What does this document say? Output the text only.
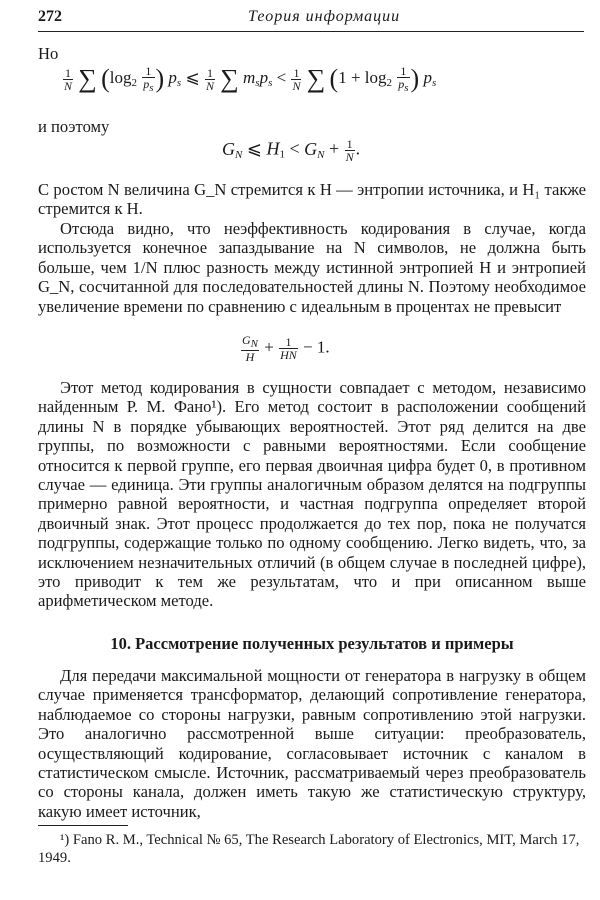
272	Теория информации
Но
$\frac{1}{N}$ ∑ ($\log_2 \frac{1}{ps}$ ) $p_s$ ⩽ $\frac{1}{N}$ ∑ $m_sp_s < \frac{1}{N}$ ∑ ($1 + \log_2 \frac{1}{ps}$ ) $p_s$
и поэтому
$G_N$ ⩽ $H_1 < G_N + \frac{1}{N}$ .

С ростом N величина G_N стремится к H — энтропии источника, и H₁ также стремится к H.

Отсюда видно, что неэффективность кодирования в случае, когда используется конечное запаздывание на N символов, не должна быть больше, чем 1/N плюс разность между истинной энтропией H и энтропией G_N, сосчитанной для последовательностей длины N. Поэтому необходимое увеличение времени по сравнению с идеальным в процентах не превысит

$\frac{GN}{H} + \frac{1}{HN} - 1$.

Этот метод кодирования в сущности совпадает с методом, независимо найденным Р. М. Фано¹). Его метод состоит в расположении сообщений длины N в порядке убывающих вероятностей. Этот ряд делится на две группы, по возможности с равными вероятностями. Если сообщение относится к первой группе, его первая двоичная цифра будет 0, в противном случае — единица. Эти группы аналогичным образом делятся на подгруппы примерно равной вероятности, и частная подгруппа определяет второй двоичный знак. Этот процесс продолжается до тех пор, пока не получатся подгруппы, содержащие только по одному сообщению. Легко видеть, что, за исключением незначительных отличий (в общем случае в последней цифре), это приводит к тем же результатам, что и при описанном выше арифметическом методе.

10. Рассмотрение полученных результатов и примеры

Для передачи максимальной мощности от генератора в нагрузку в общем случае применяется трансформатор, делающий сопротивление генератора, наблюдаемое со стороны нагрузки, равным сопротивлению этой нагрузки. Это аналогично рассмотренной выше ситуации: преобразователь, осуществляющий кодирование, согласовывает источник с каналом в статистическом смысле. Источник, рассматриваемый через преобразователь со стороны канала, должен иметь такую же статистическую структуру, какую имеет источник,

¹) Fano R. M., Technical № 65, The Research Laboratory of Electronics, MIT, March 17, 1949.
